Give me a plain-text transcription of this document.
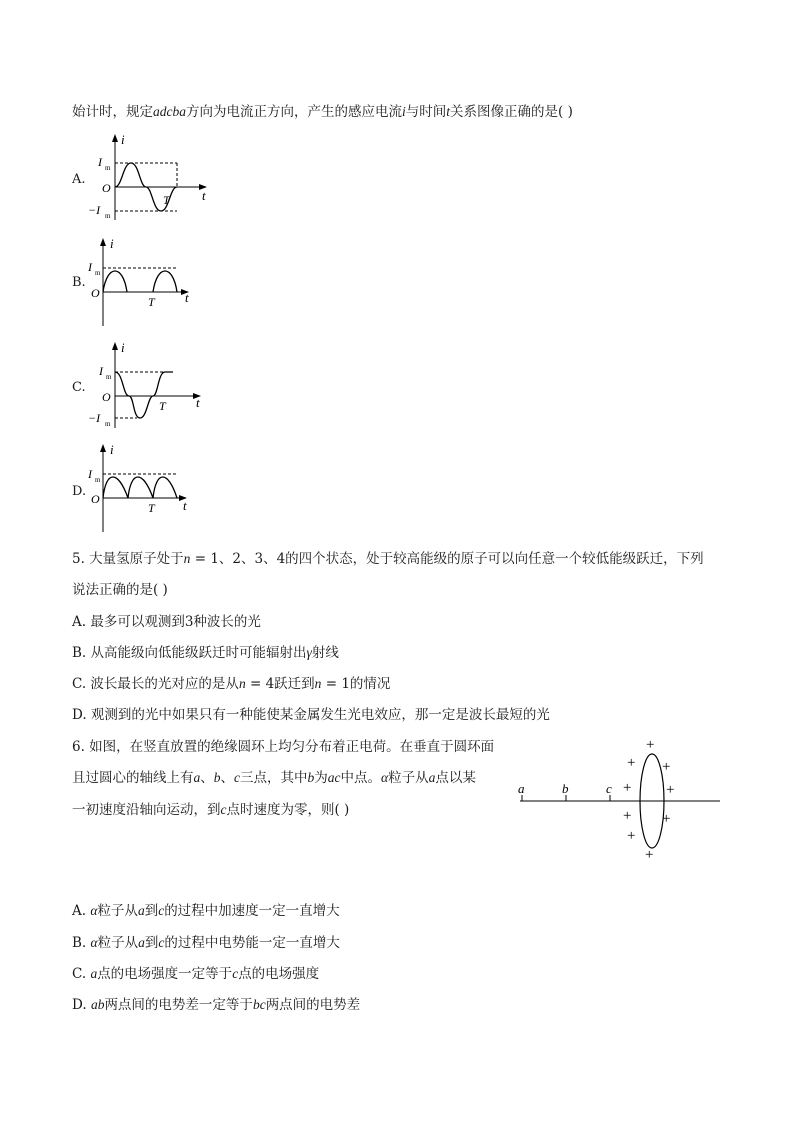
始计时，规定adcba方向为电流正方向，产生的感应电流i与时间t关系图像正确的是( )
A.
i
t
O
I m
−I m
T
B.
i
t
O
I m
T
C.
i
t
O
I m
−I m
T
D.
i
t
O
I m
T
5. 大量氢原子处于n = 1、2、3、4的四个状态，处于较高能级的原子可以向任意一个较低能级跃迁，下列
说法正确的是( )
A. 最多可以观测到3种波长的光
B. 从高能级向低能级跃迁时可能辐射出γ射线
C. 波长最长的光对应的是从n = 4跃迁到n = 1的情况
D. 观测到的光中如果只有一种能使某金属发生光电效应，那一定是波长最短的光
6. 如图，在竖直放置的绝缘圆环上均匀分布着正电荷。在垂直于圆环面
且过圆心的轴线上有a、b、c三点，其中b为ac中点。α粒子从a点以某
一初速度沿轴向运动，到c点时速度为零，则( )
a	b	c
+
+ +
+ +
+ +
+
+
A. α粒子从a到c的过程中加速度一定一直增大
B. α粒子从a到c的过程中电势能一定一直增大
C. a点的电场强度一定等于c点的电场强度
D. ab两点间的电势差一定等于bc两点间的电势差
